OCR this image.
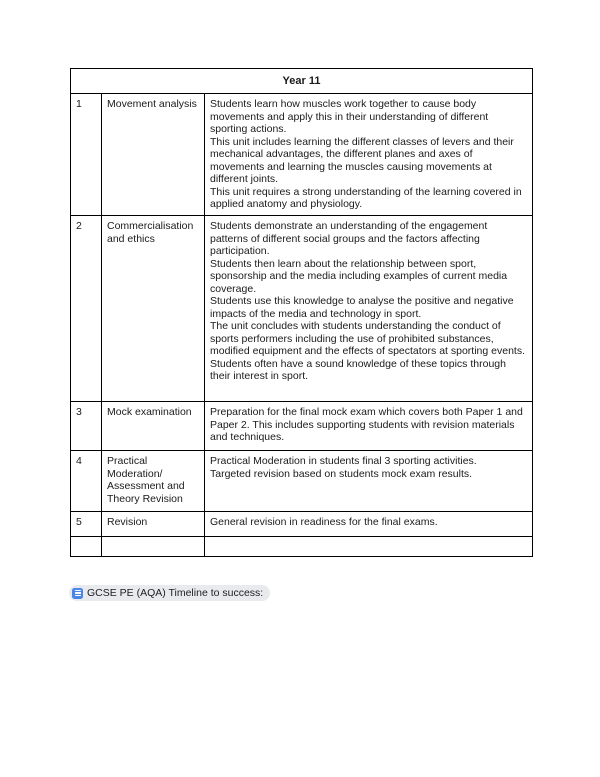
Year 11		
1	Movement analysis	Students learn how muscles work together to cause body movements and apply this in their understanding of different sporting actions.
This unit includes learning the different classes of levers and their mechanical advantages, the different planes and axes of movements and learning the muscles causing movements at different joints.
This unit requires a strong understanding of the learning covered in applied anatomy and physiology.

2	Commercialisation and ethics	Students demonstrate an understanding of the engagement patterns of different social groups and the factors affecting participation.
Students then learn about the relationship between sport, sponsorship and the media including examples of current media coverage.
Students use this knowledge to analyse the positive and negative impacts of the media and technology in sport.
The unit concludes with students understanding the conduct of sports performers including the use of prohibited substances, modified equipment and the effects of spectators at sporting events.
Students often have a sound knowledge of these topics through their interest in sport.

3	Mock examination	Preparation for the final mock exam which covers both Paper 1 and Paper 2. This includes supporting students with revision materials and techniques.

4	Practical Moderation/ Assessment and Theory Revision	Practical Moderation in students final 3 sporting activities.
Targeted revision based on students mock exam results.

5	Revision	General revision in readiness for the final exams.

GCSE PE (AQA) Timeline to success:
